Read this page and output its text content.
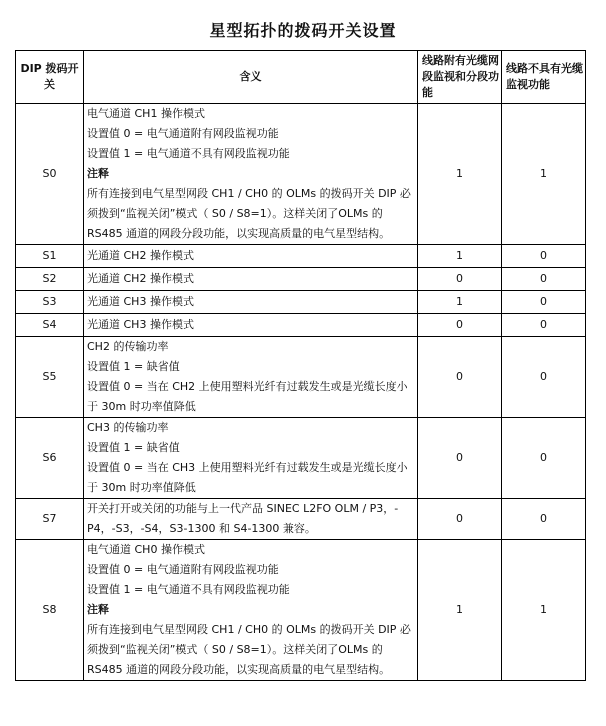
星型拓扑的拨码开关设置
DIP 拨码开关	含义	线路附有光缆网段监视和分段功能	线路不具有光缆监视功能
S0	电气通道 CH1 操作模式
设置值 0 = 电气通道附有网段监视功能
设置值 1 = 电气通道不具有网段监视功能
注释
所有连接到电气星型网段 CH1 / CH0 的 OLMs 的拨码开关 DIP 必须拨到“监视关闭”模式（ S0 / S8=1）。这样关闭了OLMs 的 RS485 通道的网段分段功能，以实现高质量的电气星型结构。	1	1
S1	光通道 CH2 操作模式	1	0
S2	光通道 CH2 操作模式	0	0
S3	光通道 CH3 操作模式	1	0
S4	光通道 CH3 操作模式	0	0
S5	CH2 的传输功率
设置值 1 = 缺省值
设置值 0 = 当在 CH2 上使用塑料光纤有过载发生或是光缆长度小于 30m 时功率值降低	0	0
S6	CH3 的传输功率
设置值 1 = 缺省值
设置值 0 = 当在 CH3 上使用塑料光纤有过载发生或是光缆长度小于 30m 时功率值降低	0	0
S7	开关打开或关闭的功能与上一代产品 SINEC L2FO OLM / P3，-P4，-S3，-S4，S3-1300 和 S4-1300 兼容。	0	0
S8	电气通道 CH0 操作模式
设置值 0 = 电气通道附有网段监视功能
设置值 1 = 电气通道不具有网段监视功能
注释
所有连接到电气星型网段 CH1 / CH0 的 OLMs 的拨码开关 DIP 必须拨到“监视关闭”模式（ S0 / S8=1）。这样关闭了OLMs 的 RS485 通道的网段分段功能，以实现高质量的电气星型结构。	1	1
